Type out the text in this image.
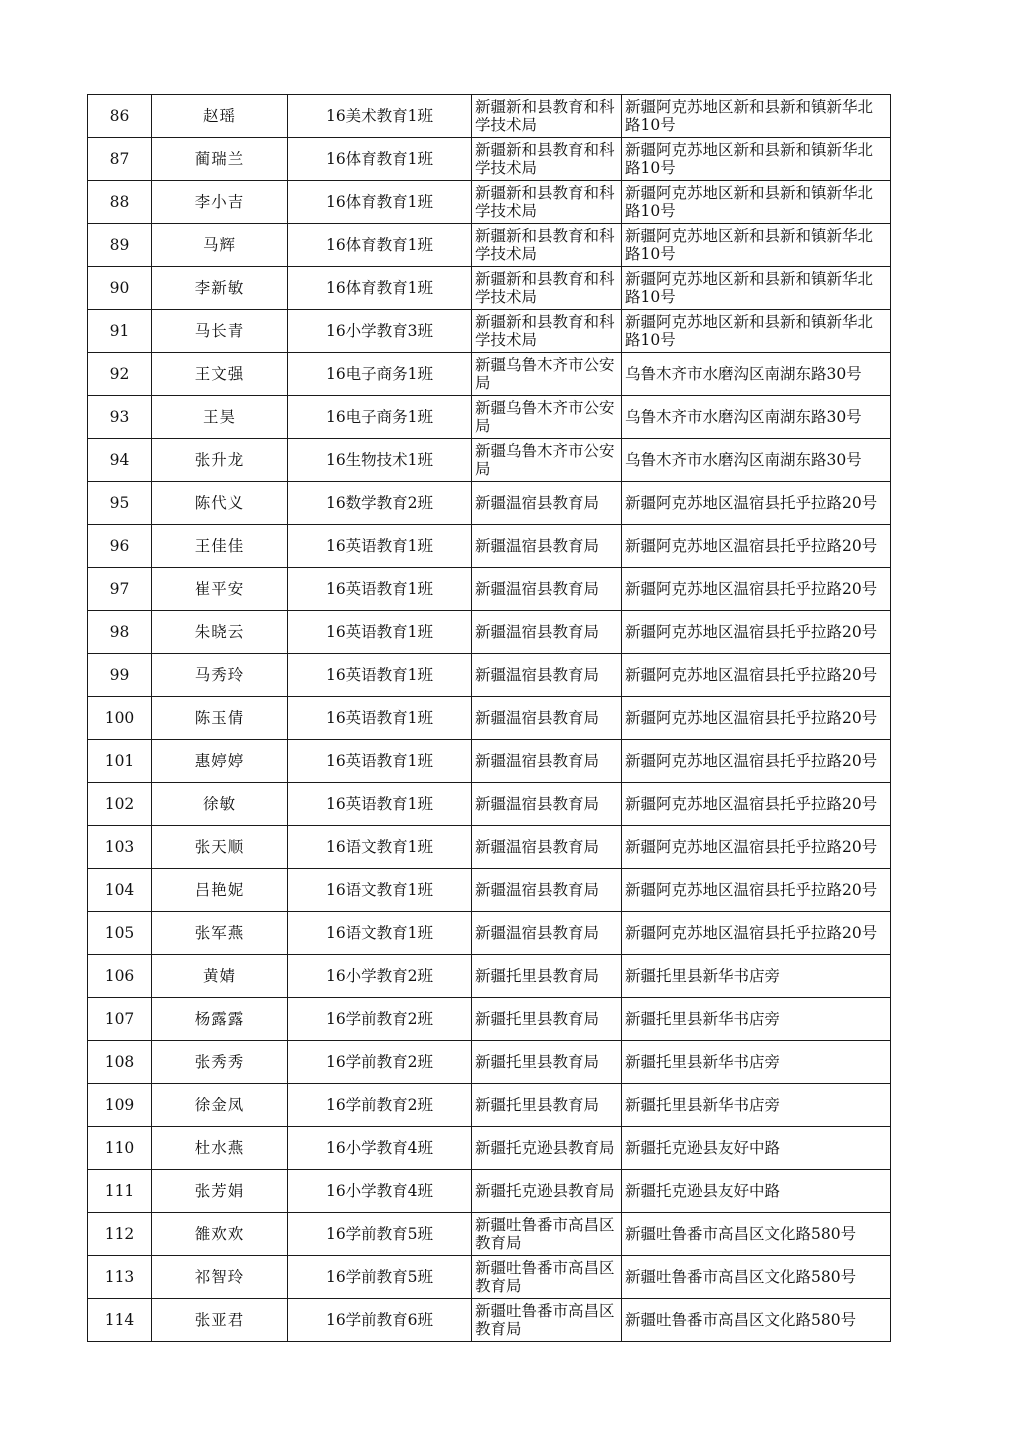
86	赵瑶	16美术教育1班	新疆新和县教育和科学技术局	新疆阿克苏地区新和县新和镇新华北路10号

87	蔺瑞兰	16体育教育1班	新疆新和县教育和科学技术局	新疆阿克苏地区新和县新和镇新华北路10号

88	李小吉	16体育教育1班	新疆新和县教育和科学技术局	新疆阿克苏地区新和县新和镇新华北路10号

89	马辉	16体育教育1班	新疆新和县教育和科学技术局	新疆阿克苏地区新和县新和镇新华北路10号

90	李新敏	16体育教育1班	新疆新和县教育和科学技术局	新疆阿克苏地区新和县新和镇新华北路10号

91	马长青	16小学教育3班	新疆新和县教育和科学技术局	新疆阿克苏地区新和县新和镇新华北路10号

92	王文强	16电子商务1班	新疆乌鲁木齐市公安局	乌鲁木齐市水磨沟区南湖东路30号

93	王昊	16电子商务1班	新疆乌鲁木齐市公安局	乌鲁木齐市水磨沟区南湖东路30号

94	张升龙	16生物技术1班	新疆乌鲁木齐市公安局	乌鲁木齐市水磨沟区南湖东路30号

95	陈代义	16数学教育2班	新疆温宿县教育局	新疆阿克苏地区温宿县托乎拉路20号

96	王佳佳	16英语教育1班	新疆温宿县教育局	新疆阿克苏地区温宿县托乎拉路20号

97	崔平安	16英语教育1班	新疆温宿县教育局	新疆阿克苏地区温宿县托乎拉路20号

98	朱晓云	16英语教育1班	新疆温宿县教育局	新疆阿克苏地区温宿县托乎拉路20号

99	马秀玲	16英语教育1班	新疆温宿县教育局	新疆阿克苏地区温宿县托乎拉路20号

100	陈玉倩	16英语教育1班	新疆温宿县教育局	新疆阿克苏地区温宿县托乎拉路20号

101	惠婷婷	16英语教育1班	新疆温宿县教育局	新疆阿克苏地区温宿县托乎拉路20号

102	徐敏	16英语教育1班	新疆温宿县教育局	新疆阿克苏地区温宿县托乎拉路20号

103	张天顺	16语文教育1班	新疆温宿县教育局	新疆阿克苏地区温宿县托乎拉路20号

104	吕艳妮	16语文教育1班	新疆温宿县教育局	新疆阿克苏地区温宿县托乎拉路20号

105	张军燕	16语文教育1班	新疆温宿县教育局	新疆阿克苏地区温宿县托乎拉路20号

106	黄婧	16小学教育2班	新疆托里县教育局	新疆托里县新华书店旁

107	杨露露	16学前教育2班	新疆托里县教育局	新疆托里县新华书店旁

108	张秀秀	16学前教育2班	新疆托里县教育局	新疆托里县新华书店旁

109	徐金凤	16学前教育2班	新疆托里县教育局	新疆托里县新华书店旁

110	杜水燕	16小学教育4班	新疆托克逊县教育局	新疆托克逊县友好中路

111	张芳娟	16小学教育4班	新疆托克逊县教育局	新疆托克逊县友好中路

112	雒欢欢	16学前教育5班	新疆吐鲁番市高昌区教育局	新疆吐鲁番市高昌区文化路580号

113	祁智玲	16学前教育5班	新疆吐鲁番市高昌区教育局	新疆吐鲁番市高昌区文化路580号

114	张亚君	16学前教育6班	新疆吐鲁番市高昌区教育局	新疆吐鲁番市高昌区文化路580号
